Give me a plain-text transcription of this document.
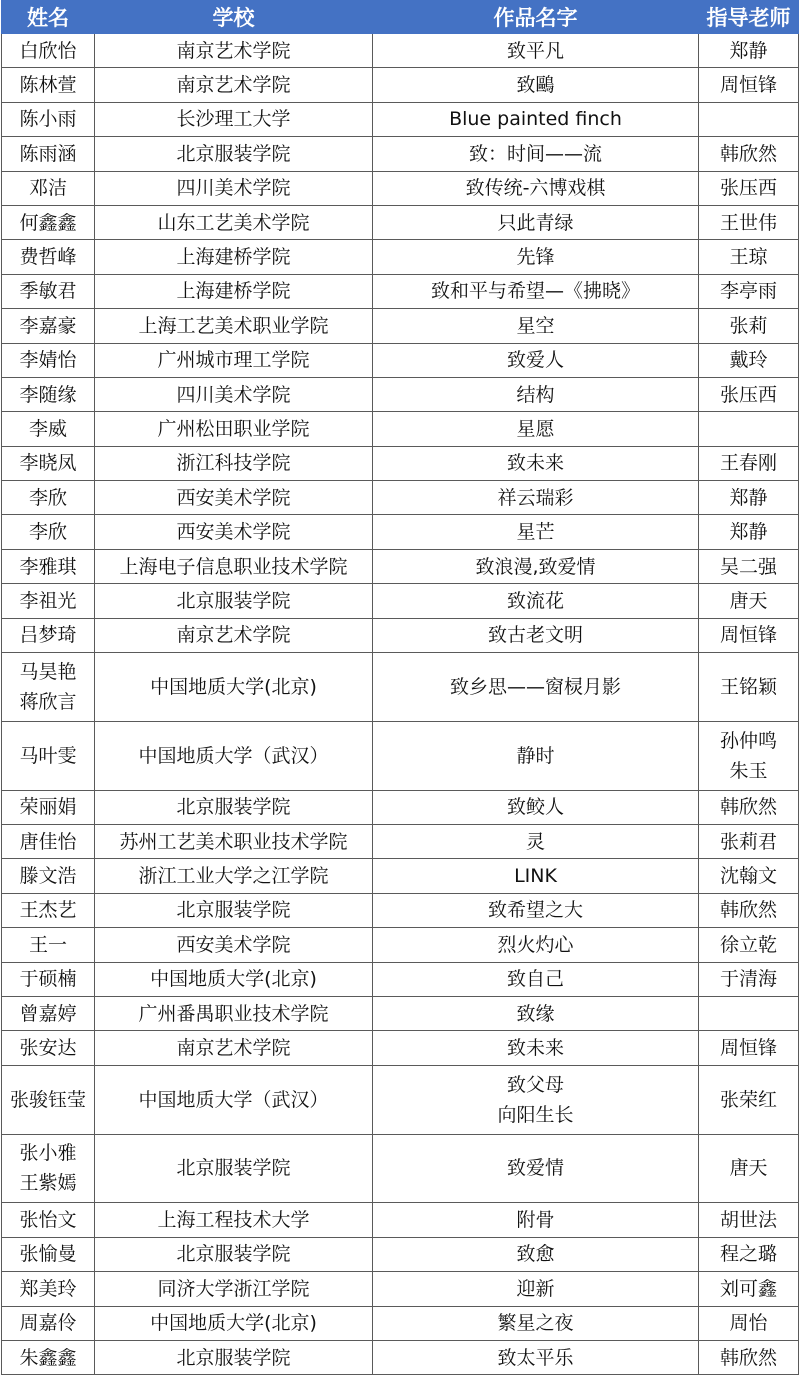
姓名	学校	作品名字	指导老师

白欣怡	南京艺术学院	致平凡	郑静

陈林萱	南京艺术学院	致鷗	周恒锋

陈小雨	长沙理工大学	Blue painted finch	

陈雨涵	北京服装学院	致：时间——流	韩欣然

邓洁	四川美术学院	致传统-六博戏棋	张压西

何鑫鑫	山东工艺美术学院	只此青绿	王世伟

费哲峰	上海建桥学院	先锋	王琼

季敏君	上海建桥学院	致和平与希望—《拂晓》	李亭雨

李嘉豪	上海工艺美术职业学院	星空	张莉

李婧怡	广州城市理工学院	致爱人	戴玲

李随缘	四川美术学院	结构	张压西

李威	广州松田职业学院	星愿	

李晓凤	浙江科技学院	致未来	王春刚

李欣	西安美术学院	祥云瑞彩	郑静

李欣	西安美术学院	星芒	郑静

李雅琪	上海电子信息职业技术学院	致浪漫,致爱情	吴二强

李祖光	北京服装学院	致流花	唐天

吕梦琦	南京艺术学院	致古老文明	周恒锋

马昊艳
蒋欣言	中国地质大学(北京)	致乡思——窗棂月影	王铭颖

马叶雯	中国地质大学（武汉）	静时	孙仲鸣
朱玉

荣丽娟	北京服装学院	致鲛人	韩欣然

唐佳怡	苏州工艺美术职业技术学院	灵	张莉君

滕文浩	浙江工业大学之江学院	LINK	沈翰文

王杰艺	北京服装学院	致希望之大	韩欣然

王一	西安美术学院	烈火灼心	徐立乾

于硕楠	中国地质大学(北京)	致自己	于清海

曾嘉婷	广州番禺职业技术学院	致缘	

张安达	南京艺术学院	致未来	周恒锋

张骏钰莹	中国地质大学（武汉）	致父母
向阳生长	张荣红

张小雅
王紫嫣	北京服装学院	致爱情	唐天

张怡文	上海工程技术大学	附骨	胡世法

张愉曼	北京服装学院	致愈	程之璐

郑美玲	同济大学浙江学院	迎新	刘可鑫

周嘉伶	中国地质大学(北京)	繁星之夜	周怡

朱鑫鑫	北京服装学院	致太平乐	韩欣然
